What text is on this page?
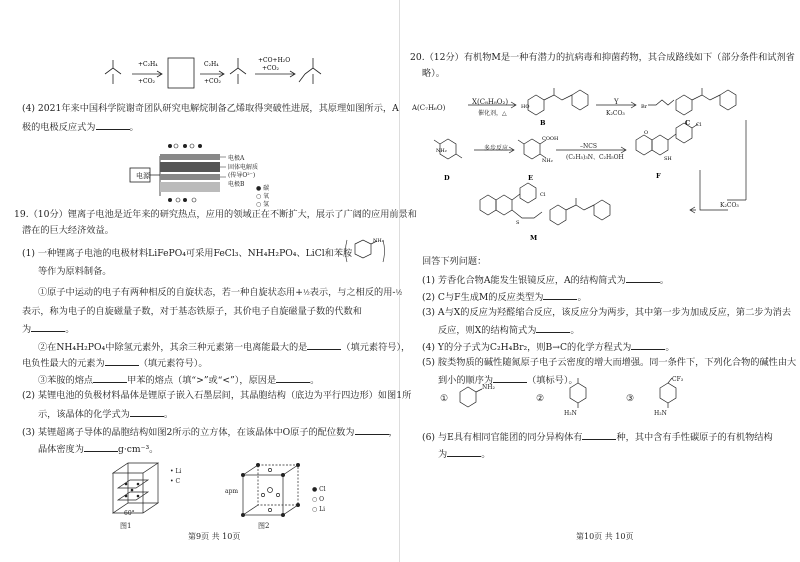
+C₂H₄
+CO₂
C₂H₄
+CO₂
+CO+H₂O
+CO₂
(4) 2021年来中国科学院谢奇团队研究电解烷制备乙烯取得突破性进展，其原理如图所示，A
极的电极反应式为	。
电源
电极A
固体电解质
(传导O²⁻)
电极B
● 碳
○ 氧
○ 氢
19.（10分）锂离子电池是近年来的研究热点，应用的领域正在不断扩大，展示了广阔的应用前景和
潜在的巨大经济效益。
(1) 一种锂离子电池的电极材料LiFePO₄可采用FeCl₃、NH₄H₂PO₄、LiCl和苯胺
NH₂
等作为原料制备。
①原子中运动的电子有两种相反的自旋状态，若一种自旋状态用+½表示，与之相反的用-½
表示，称为电子的自旋磁量子数，对于基态铁原子，其价电子自旋磁量子数的代数和
为	。
②在NH₄H₂PO₄中除氢元素外，其余三种元素第一电离能最大的是	（填元素符号），
电负性最大的元素为	（填元素符号）。
③苯胺的熔点	甲苯的熔点（填“>”或“<”），原因是	。
(2) 某锂电池的负极材料晶体是锂原子嵌入石墨层间，其晶胞结构（底边为平行四边形）如图1所
示，该晶体的化学式为	。
(3) 某锂超离子导体的晶胞结构如图2所示的立方体，在该晶体中O原子的配位数为	，
晶体密度为	g·cm⁻³。
• Li
• C
60°
图1
apm	● Cl
○ O
○ Li
图2
第9页 共 10页
20.（12分）有机物M是一种有潜力的抗病毒和抑菌药物，其合成路线如下（部分条件和试剂省
略）。
B	C
D	E	F
M
NH₂
COOH
NH₂
HO	Br
SH
Cl
Cl
S
O
A(C₇H₆O)
X(C₈H₈O₂)
催化剂，△
Y
K₂CO₃
多步反应	–NCS
(C₂H₅)₃N、C₂H₅OH
K₂CO₃
回答下列问题：
(1) 芳香化合物A能发生银镜反应，A的结构简式为	。
(2) C与F生成M的反应类型为	。
(3) A与X的反应为羟醛缩合反应，该反应分为两步，其中第一步为加成反应，第二步为消去
反应，则X的结构简式为	。
(4) Y的分子式为C₂H₄Br₂，则B→C的化学方程式为	。
(5) 胺类物质的碱性随氮原子电子云密度的增大而增强。同一条件下，下列化合物的碱性由大
到小的顺序为	（填标号）。
①
NH₂
②
H₂N
③
CF₃
H₂N
(6) 与E具有相同官能团的同分异构体有	种，其中含有手性碳原子的有机物结构
为	。
第10页 共 10页
